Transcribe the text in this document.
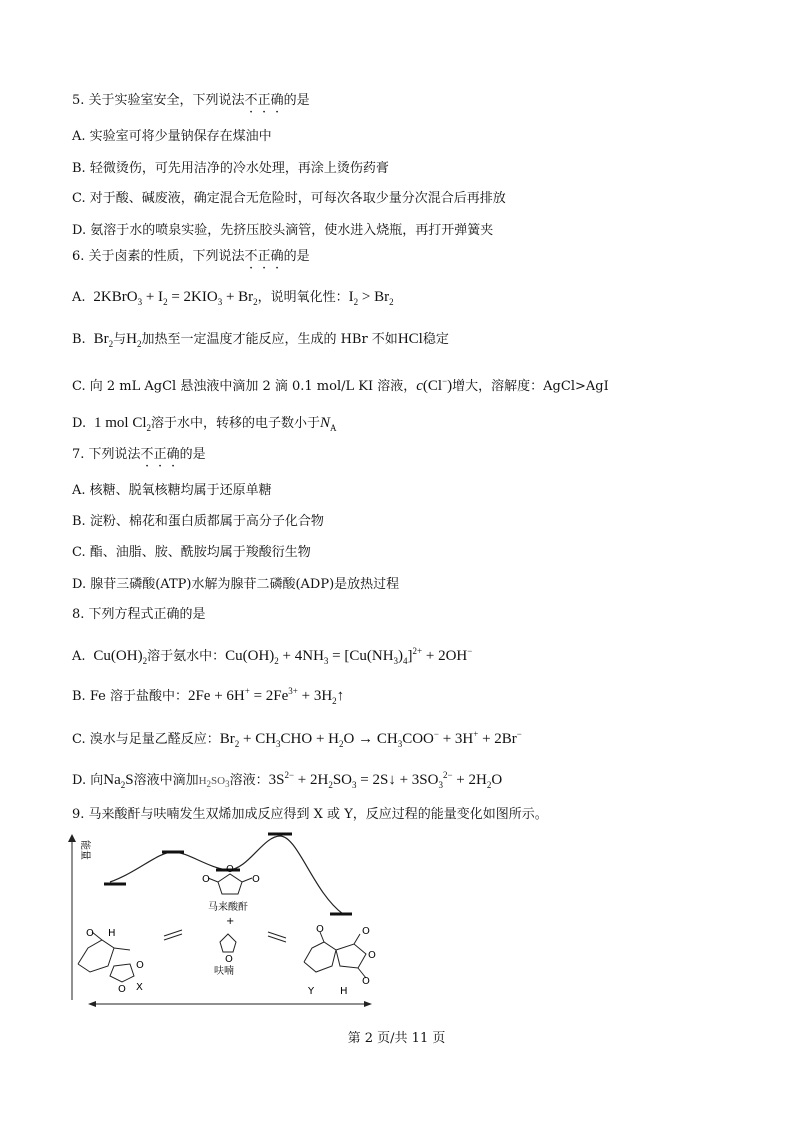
5. 关于实验室安全，下列说法不正确的是
A. 实验室可将少量钠保存在煤油中
B. 轻微烫伤，可先用洁净的冷水处理，再涂上烫伤药膏
C. 对于酸、碱废液，确定混合无危险时，可每次各取少量分次混合后再排放
D. 氨溶于水的喷泉实验，先挤压胶头滴管，使水进入烧瓶，再打开弹簧夹
6. 关于卤素的性质，下列说法不正确的是
A.  2KBrO$_3$ + $I_2 = 2KIO_3 + Br_2$，说明氧化性：$I_2 > Br_2$
B.  $Br_2$与$H_2$加热至一定温度才能反应，生成的 HBr 不如HCl稳定
C. 向 2 mL AgCl 悬浊液中滴加 2 滴 0.1 mol/L KI 溶液，c(Cl−)增大，溶解度：AgCl>AgI
D.  1 mol $Cl_2$溶于水中，转移的电子数小于$N_A$
7. 下列说法不正确的是
A. 核糖、脱氧核糖均属于还原单糖
B. 淀粉、棉花和蛋白质都属于高分子化合物
C. 酯、油脂、胺、酰胺均属于羧酸衍生物
D. 腺苷三磷酸(ATP)水解为腺苷二磷酸(ADP)是放热过程
8. 下列方程式正确的是
A.  $Cu(OH)_2$溶于氨水中：$Cu(OH)_2 + 4NH_3 = [Cu(NH_3)_4]^{2+} + 2OH^-$
B. Fe 溶于盐酸中：$2Fe + 6H^+ = 2Fe^{3+}$ + $3H_2↑$
C. 溴水与足量乙醛反应：$Br_2 + CH_3CHO + H_2O \to CH_3COO^- + 3H^+ + 2Br^-$
D. 向$Na_2S$溶液中滴加$H_2SO_3$溶液：$3S^{2-} + 2H_2SO_3$ = 2S↓ + $3SO_3^{2-} + 2H_2O$
9. 马来酸酐与呋喃发生双烯加成反应得到 X 或 Y，反应过程的能量变化如图所示。
能量
O	O
O
马来酸酐
+
O
呋喃
O H
O
O X
O	O
O
O
H
Y
第 2 页/共 11 页
